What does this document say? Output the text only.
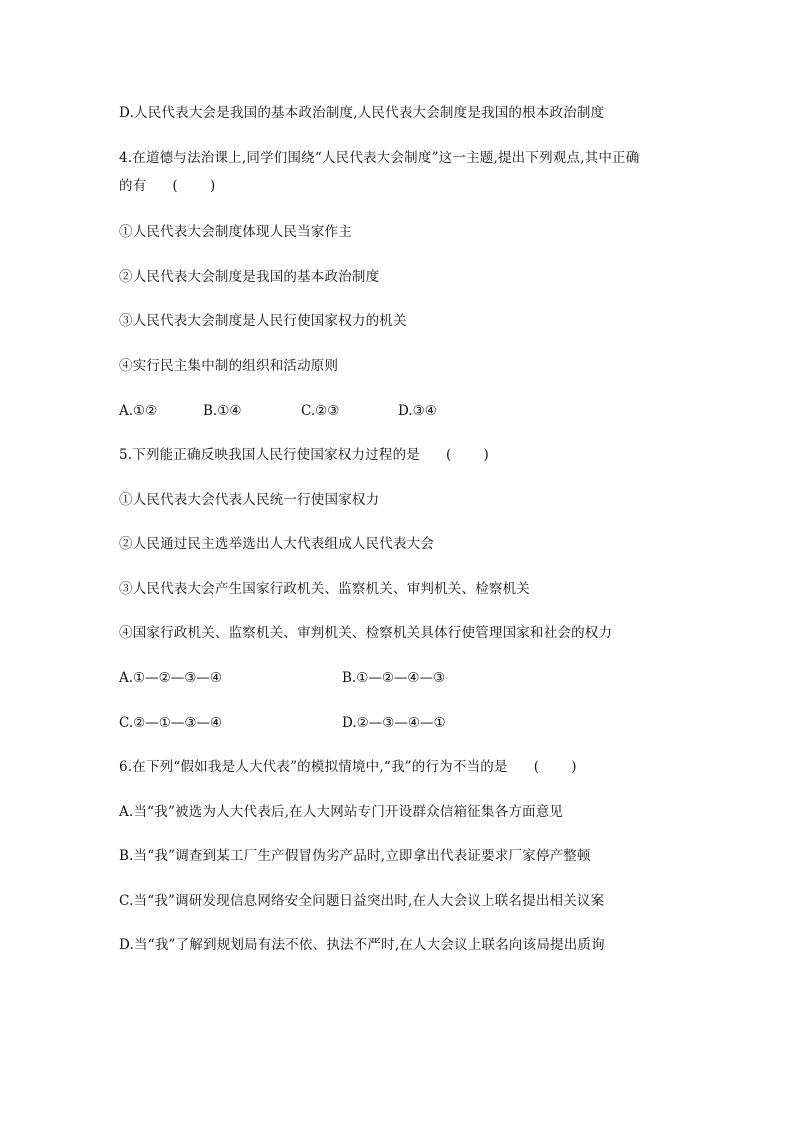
D.人民代表大会是我国的基本政治制度,人民代表大会制度是我国的根本政治制度
4.在道德与法治课上,同学们围绕“人民代表大会制度”这一主题,提出下列观点,其中正确
的有 ( )
①人民代表大会制度体现人民当家作主
②人民代表大会制度是我国的基本政治制度
③人民代表大会制度是人民行使国家权力的机关
④实行民主集中制的组织和活动原则
A.①②	B.①④	C.②③	D.③④
5.下列能正确反映我国人民行使国家权力过程的是 ( )
①人民代表大会代表人民统一行使国家权力
②人民通过民主选举选出人大代表组成人民代表大会
③人民代表大会产生国家行政机关、监察机关、审判机关、检察机关
④国家行政机关、监察机关、审判机关、检察机关具体行使管理国家和社会的权力
A.①—②—③—④	B.①—②—④—③
C.②—①—③—④	D.②—③—④—①
6.在下列“假如我是人大代表”的模拟情境中,“我”的行为不当的是 ( )
A.当“我”被选为人大代表后,在人大网站专门开设群众信箱征集各方面意见
B.当“我”调查到某工厂生产假冒伪劣产品时,立即拿出代表证要求厂家停产整顿
C.当“我”调研发现信息网络安全问题日益突出时,在人大会议上联名提出相关议案
D.当“我”了解到规划局有法不依、执法不严时,在人大会议上联名向该局提出质询
